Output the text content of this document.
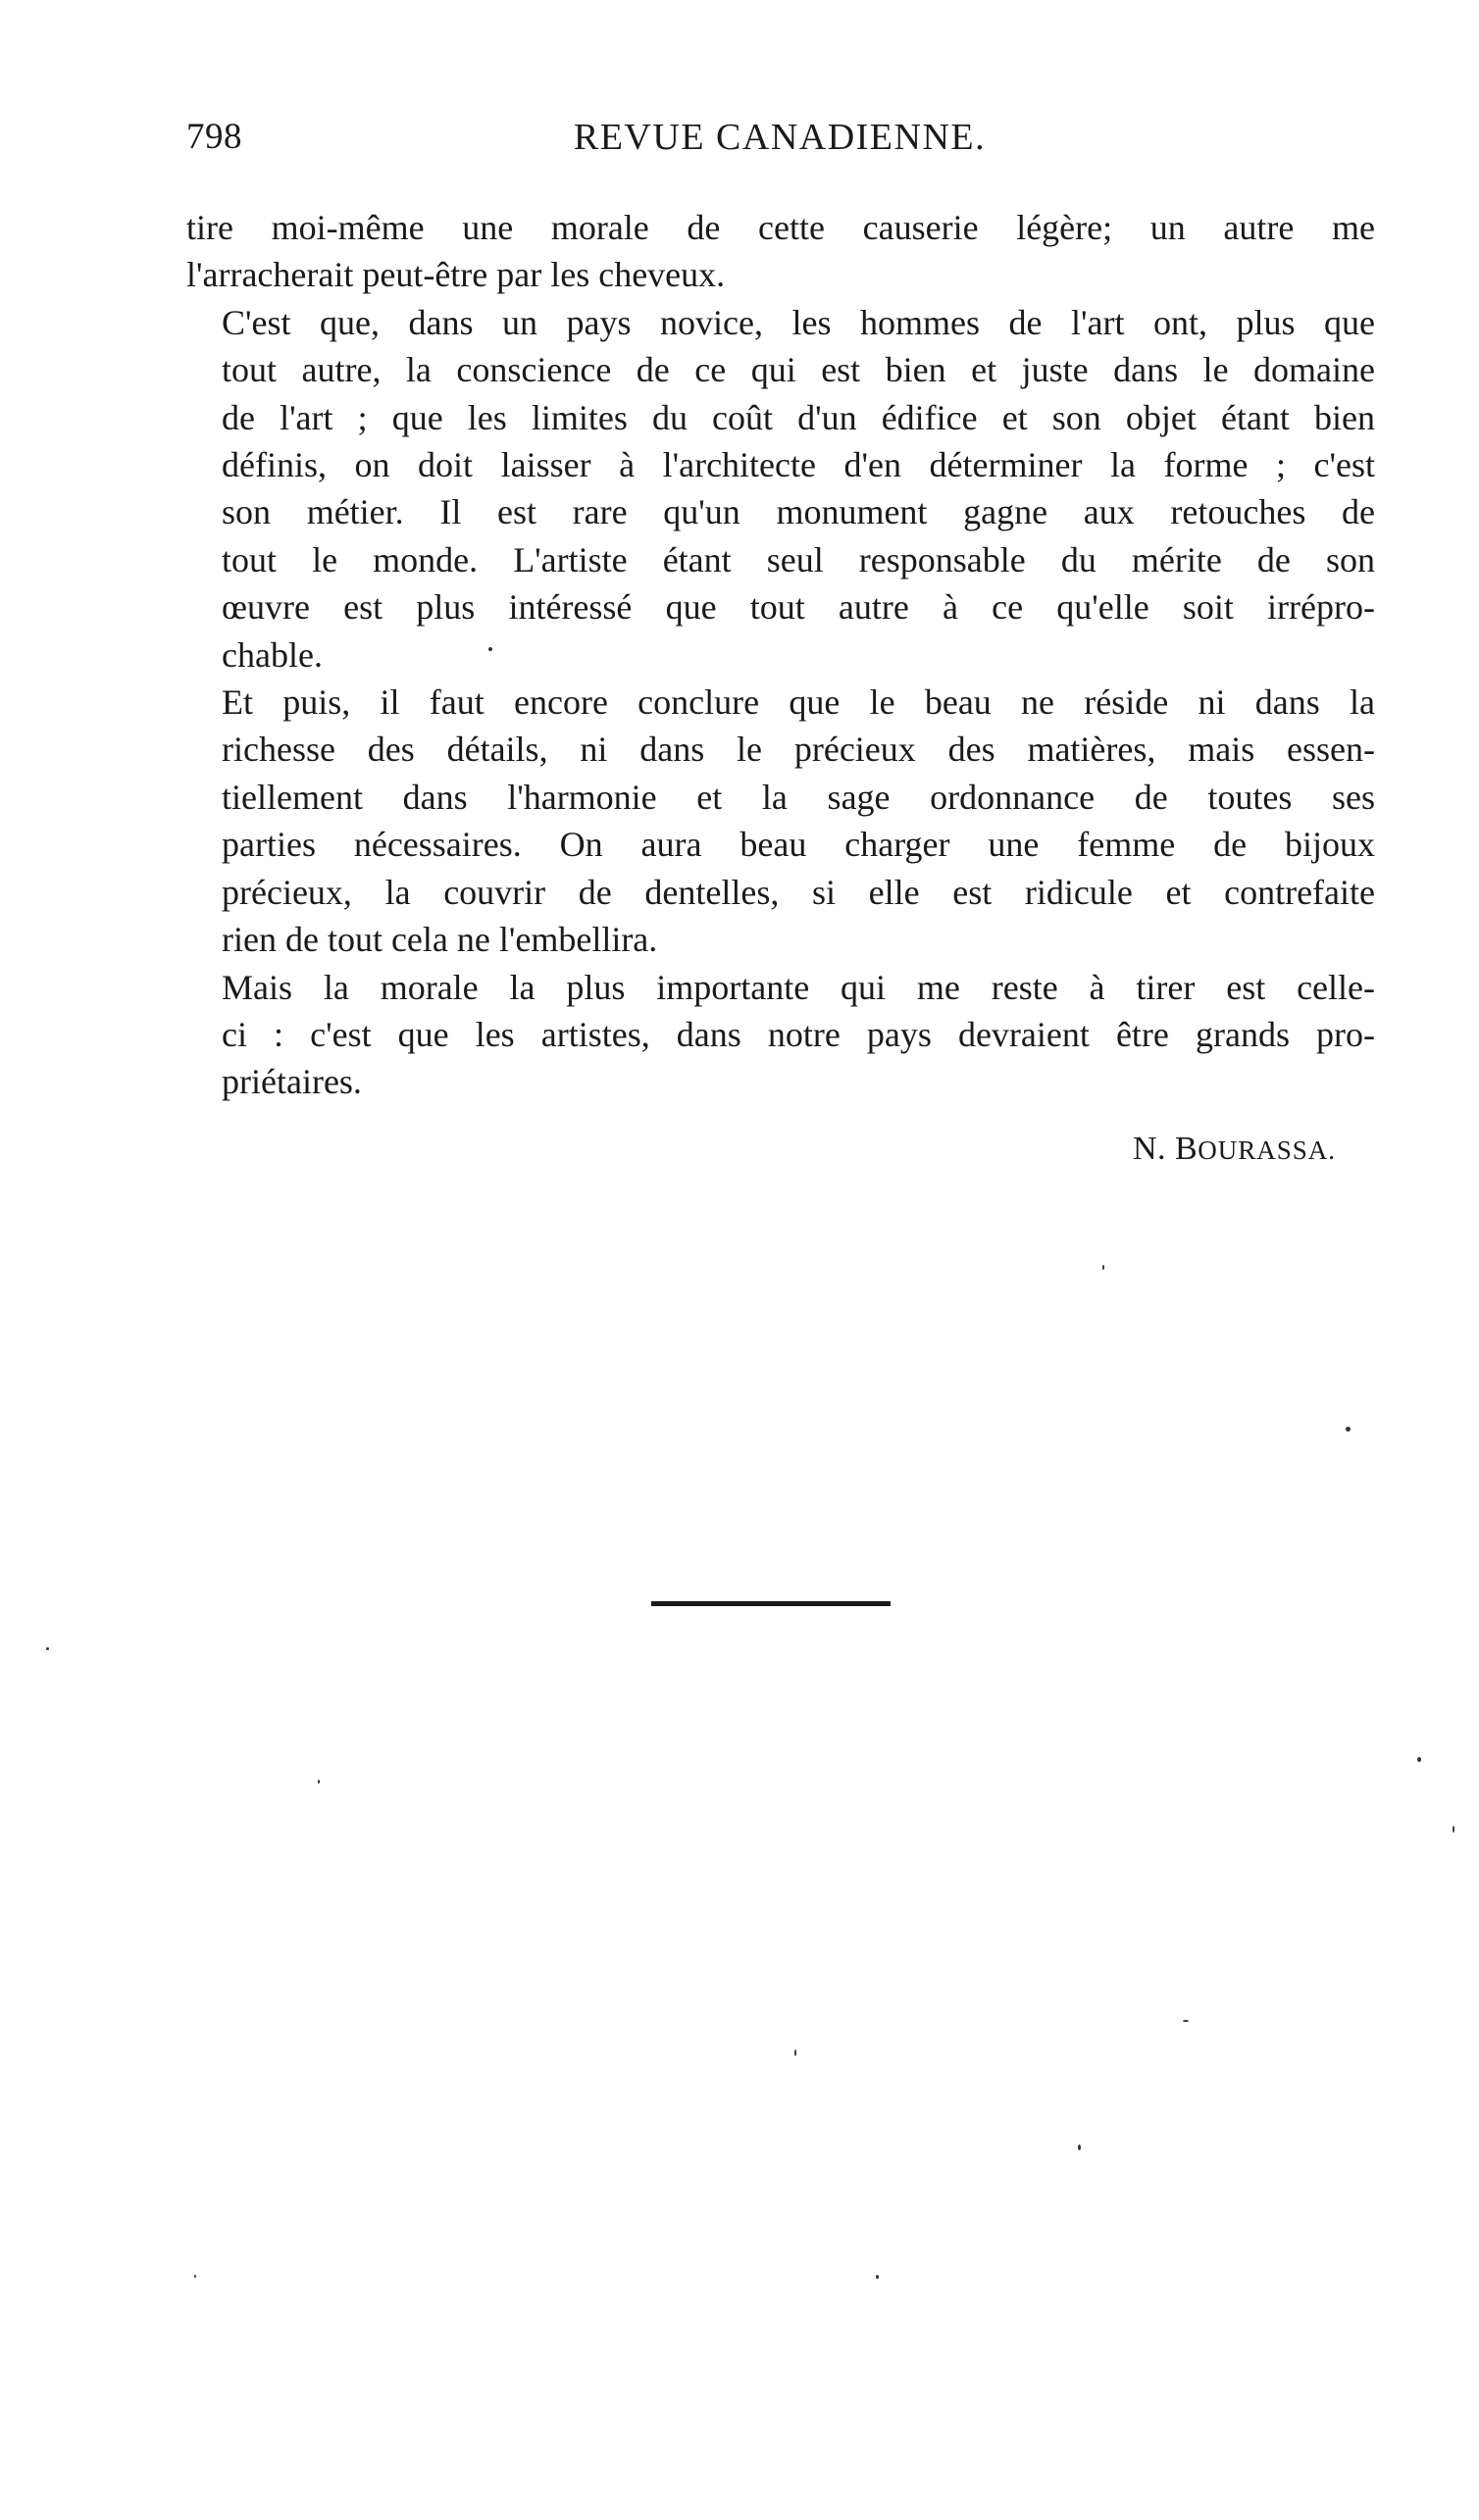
798	REVUE CANADIENNE.

tire moi-même une morale de cette causerie légère; un autre me
l'arracherait peut-être par les cheveux.

C'est que, dans un pays novice, les hommes de l'art ont, plus que
tout autre, la conscience de ce qui est bien et juste dans le domaine
de l'art ; que les limites du coût d'un édifice et son objet étant bien
définis, on doit laisser à l'architecte d'en déterminer la forme ; c'est
son métier. Il est rare qu'un monument gagne aux retouches de
tout le monde. L'artiste étant seul responsable du mérite de son
œuvre est plus intéressé que tout autre à ce qu'elle soit irrépro-
chable.

Et puis, il faut encore conclure que le beau ne réside ni dans la
richesse des détails, ni dans le précieux des matières, mais essen-
tiellement dans l'harmonie et la sage ordonnance de toutes ses
parties nécessaires. On aura beau charger une femme de bijoux
précieux, la couvrir de dentelles, si elle est ridicule et contrefaite
rien de tout cela ne l'embellira.

Mais la morale la plus importante qui me reste à tirer est celle-
ci : c'est que les artistes, dans notre pays devraient être grands pro-
priétaires.

N. BOURASSA.
